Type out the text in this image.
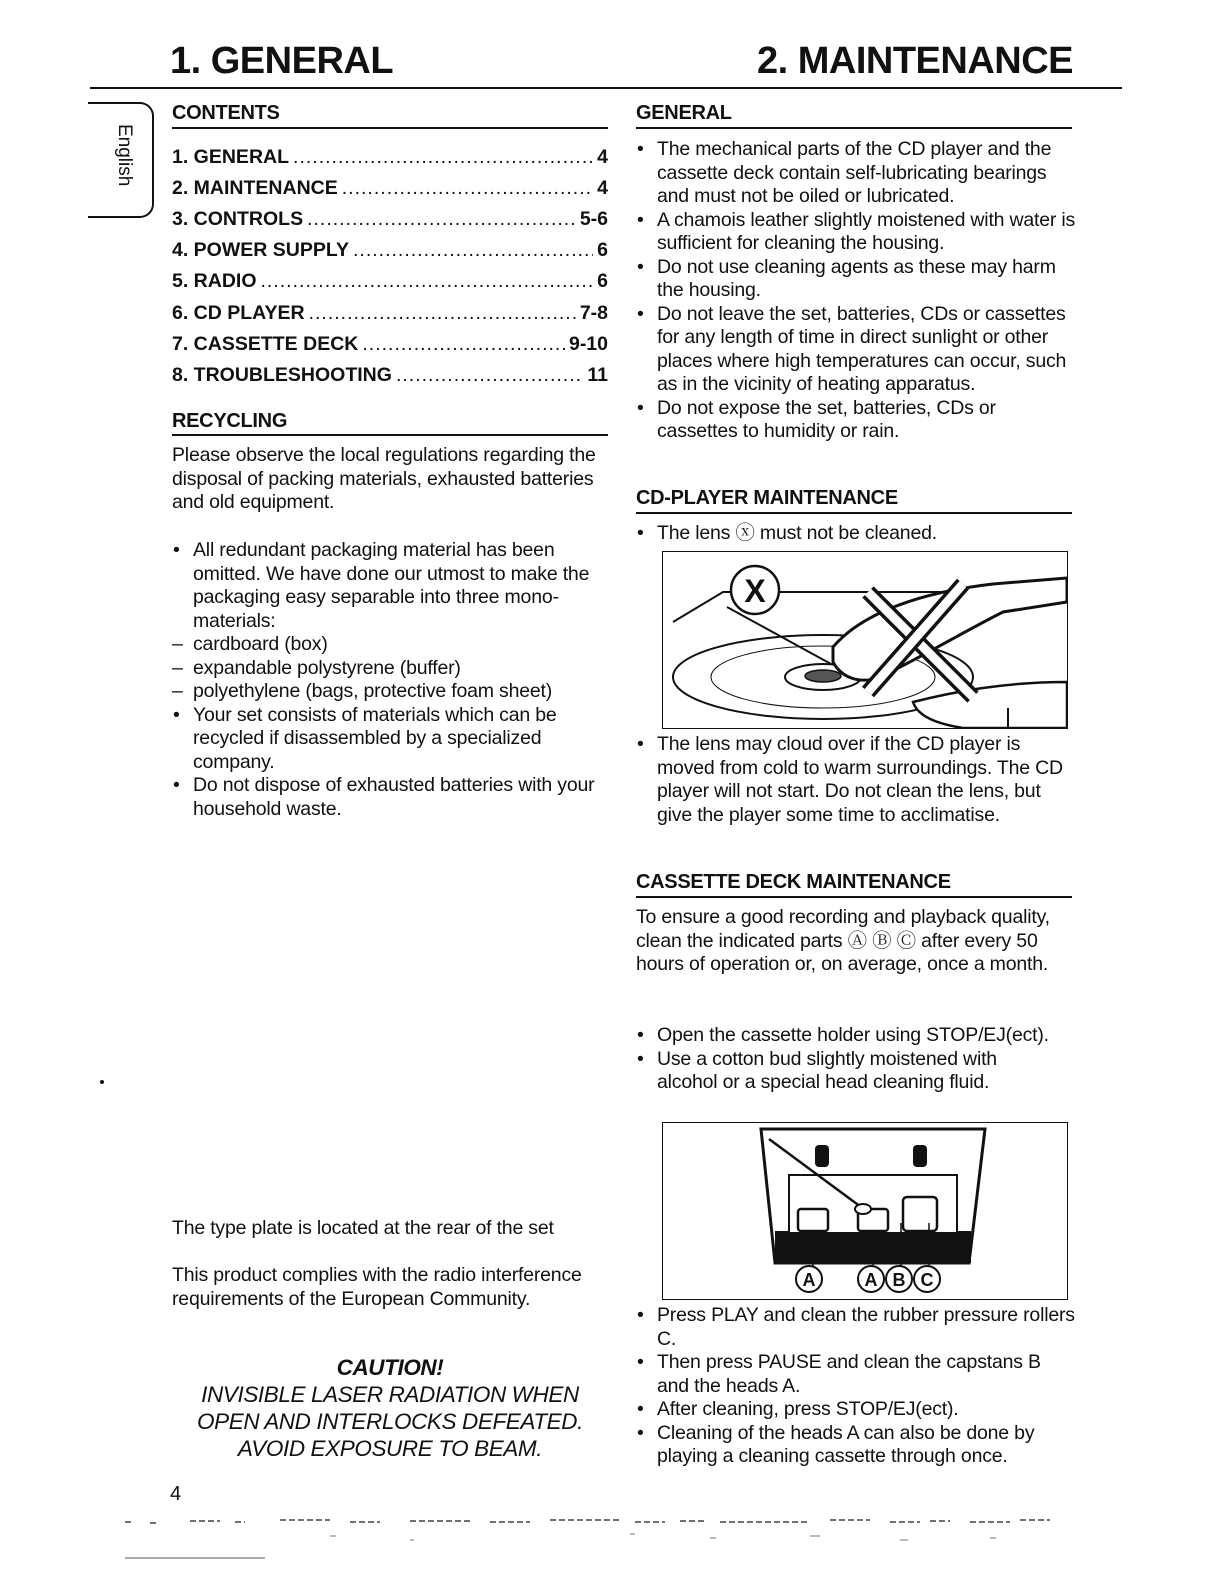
1. GENERAL	2. MAINTENANCE
English
CONTENTS
1. GENERAL .....	4
2. MAINTENANCE .....	4
3. CONTROLS .....	5-6
4. POWER SUPPLY .....	6
5. RADIO .....	6
6. CD PLAYER .....	7-8
7. CASSETTE DECK .....	9-10
8. TROUBLESHOOTING .....	11
RECYCLING
Please observe the local regulations regarding the disposal of packing materials, exhausted batteries and old equipment.
• All redundant packaging material has been omitted. We have done our utmost to make the packaging easy separable into three mono-materials:
– cardboard (box)
– expandable polystyrene (buffer)
– polyethylene (bags, protective foam sheet)
• Your set consists of materials which can be recycled if disassembled by a specialized company.
• Do not dispose of exhausted batteries with your household waste.
The type plate is located at the rear of the set
This product complies with the radio interference requirements of the European Community.
CAUTION!
INVISIBLE LASER RADIATION WHEN
OPEN AND INTERLOCKS DEFEATED.
AVOID EXPOSURE TO BEAM.
4
GENERAL
• The mechanical parts of the CD player and the cassette deck contain self-lubricating bearings and must not be oiled or lubricated.
• A chamois leather slightly moistened with water is sufficient for cleaning the housing.
• Do not use cleaning agents as these may harm the housing.
• Do not leave the set, batteries, CDs or cassettes for any length of time in direct sunlight or other places where high temperatures can occur, such as in the vicinity of heating apparatus.
• Do not expose the set, batteries, CDs or cassettes to humidity or rain.
CD-PLAYER MAINTENANCE
• The lens ⓧ must not be cleaned.
X
• The lens may cloud over if the CD player is moved from cold to warm surroundings. The CD player will not start. Do not clean the lens, but give the player some time to acclimatise.
CASSETTE DECK MAINTENANCE
To ensure a good recording and playback quality, clean the indicated parts Ⓐ Ⓑ Ⓒ after every 50 hours of operation or, on average, once a month.
• Open the cassette holder using STOP/EJ(ect).
• Use a cotton bud slightly moistened with alcohol or a special head cleaning fluid.
A	A B C
• Press PLAY and clean the rubber pressure rollers C.
• Then press PAUSE and clean the capstans B and the heads A.
• After cleaning, press STOP/EJ(ect).
• Cleaning of the heads A can also be done by playing a cleaning cassette through once.
